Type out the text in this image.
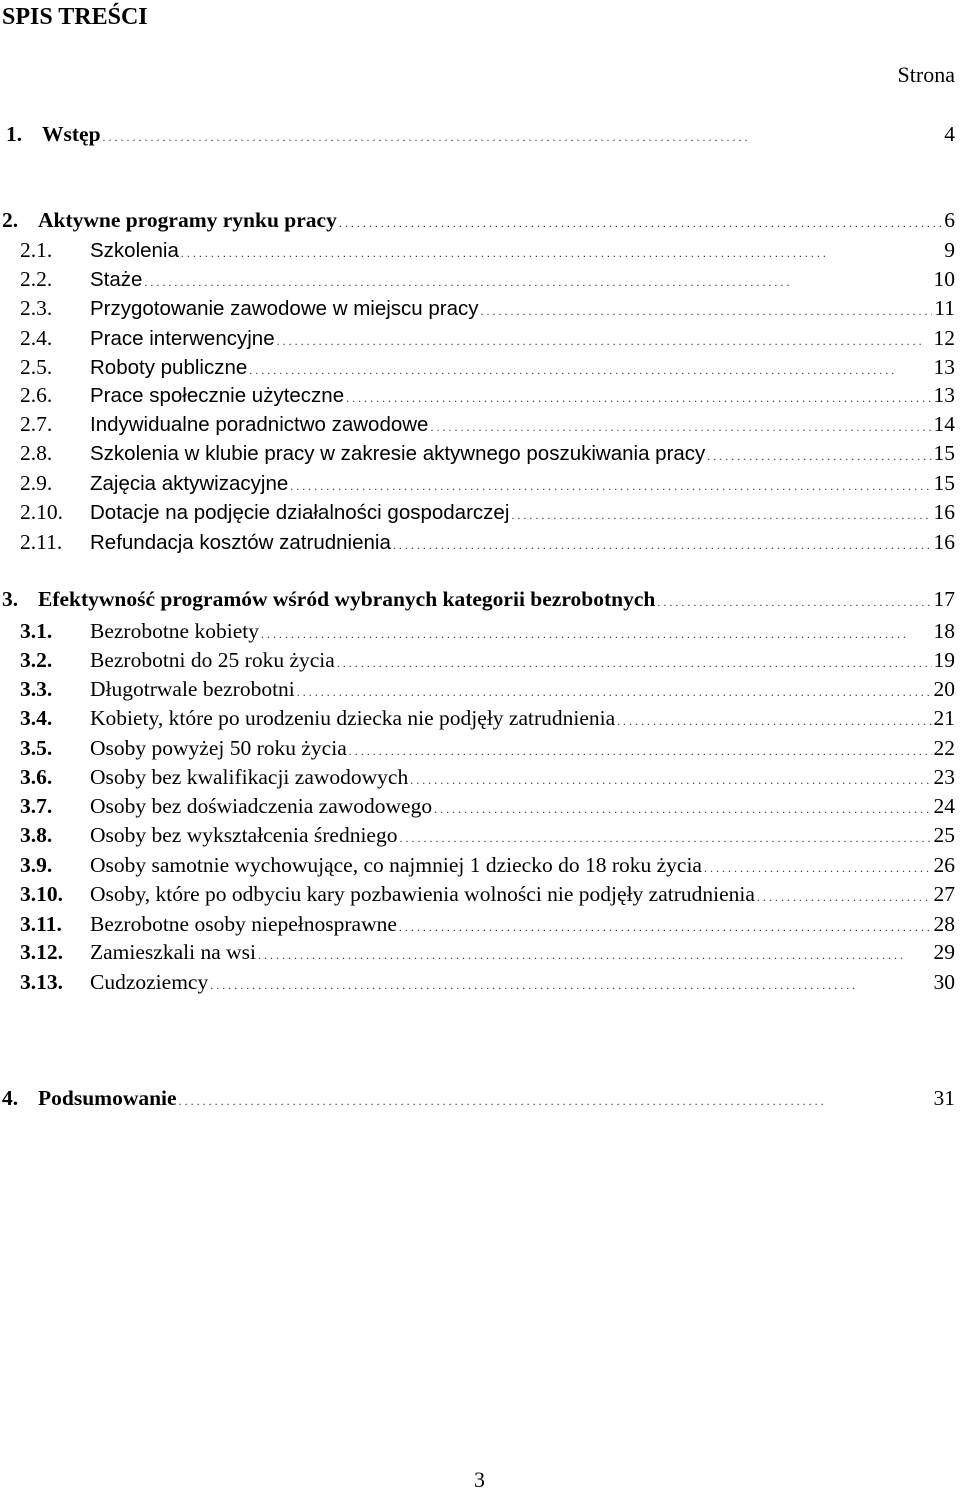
SPIS TREŚCI
Strona
1. Wstęp . . .	4
2. Aktywne programy rynku pracy . . .	6
2.1.	Szkolenia . . .	9
2.2.	Staże . . .	10
2.3.	Przygotowanie zawodowe w miejscu pracy . . .	11
2.4.	Prace interwencyjne . . .	12
2.5.	Roboty publiczne . . .	13
2.6.	Prace społecznie użyteczne . . .	13
2.7.	Indywidualne poradnictwo zawodowe . . .	14
2.8.	Szkolenia w klubie pracy w zakresie aktywnego poszukiwania pracy . . .	15
2.9.	Zajęcia aktywizacyjne . . .	15
2.10.	Dotacje na podjęcie działalności gospodarczej . . .	16
2.11.	Refundacja kosztów zatrudnienia . . .	16
3. Efektywność programów wśród wybranych kategorii bezrobotnych . . .	17
3.1.	Bezrobotne kobiety . . .	18
3.2.	Bezrobotni do 25 roku życia . . .	19
3.3.	Długotrwale bezrobotni . . .	20
3.4.	Kobiety, które po urodzeniu dziecka nie podjęły zatrudnienia . . .	21
3.5.	Osoby powyżej 50 roku życia . . .	22
3.6.	Osoby bez kwalifikacji zawodowych . . .	23
3.7.	Osoby bez doświadczenia zawodowego . . .	24
3.8.	Osoby bez wykształcenia średniego . . .	25
3.9.	Osoby samotnie wychowujące, co najmniej 1 dziecko do 18 roku życia . . .	26
3.10.	Osoby, które po odbyciu kary pozbawienia wolności nie podjęły zatrudnienia . . .	27
3.11.	Bezrobotne osoby niepełnosprawne . . .	28
3.12.	Zamieszkali na wsi . . .	29
3.13.	Cudzoziemcy . . .	30
4. Podsumowanie . . .	31
3
